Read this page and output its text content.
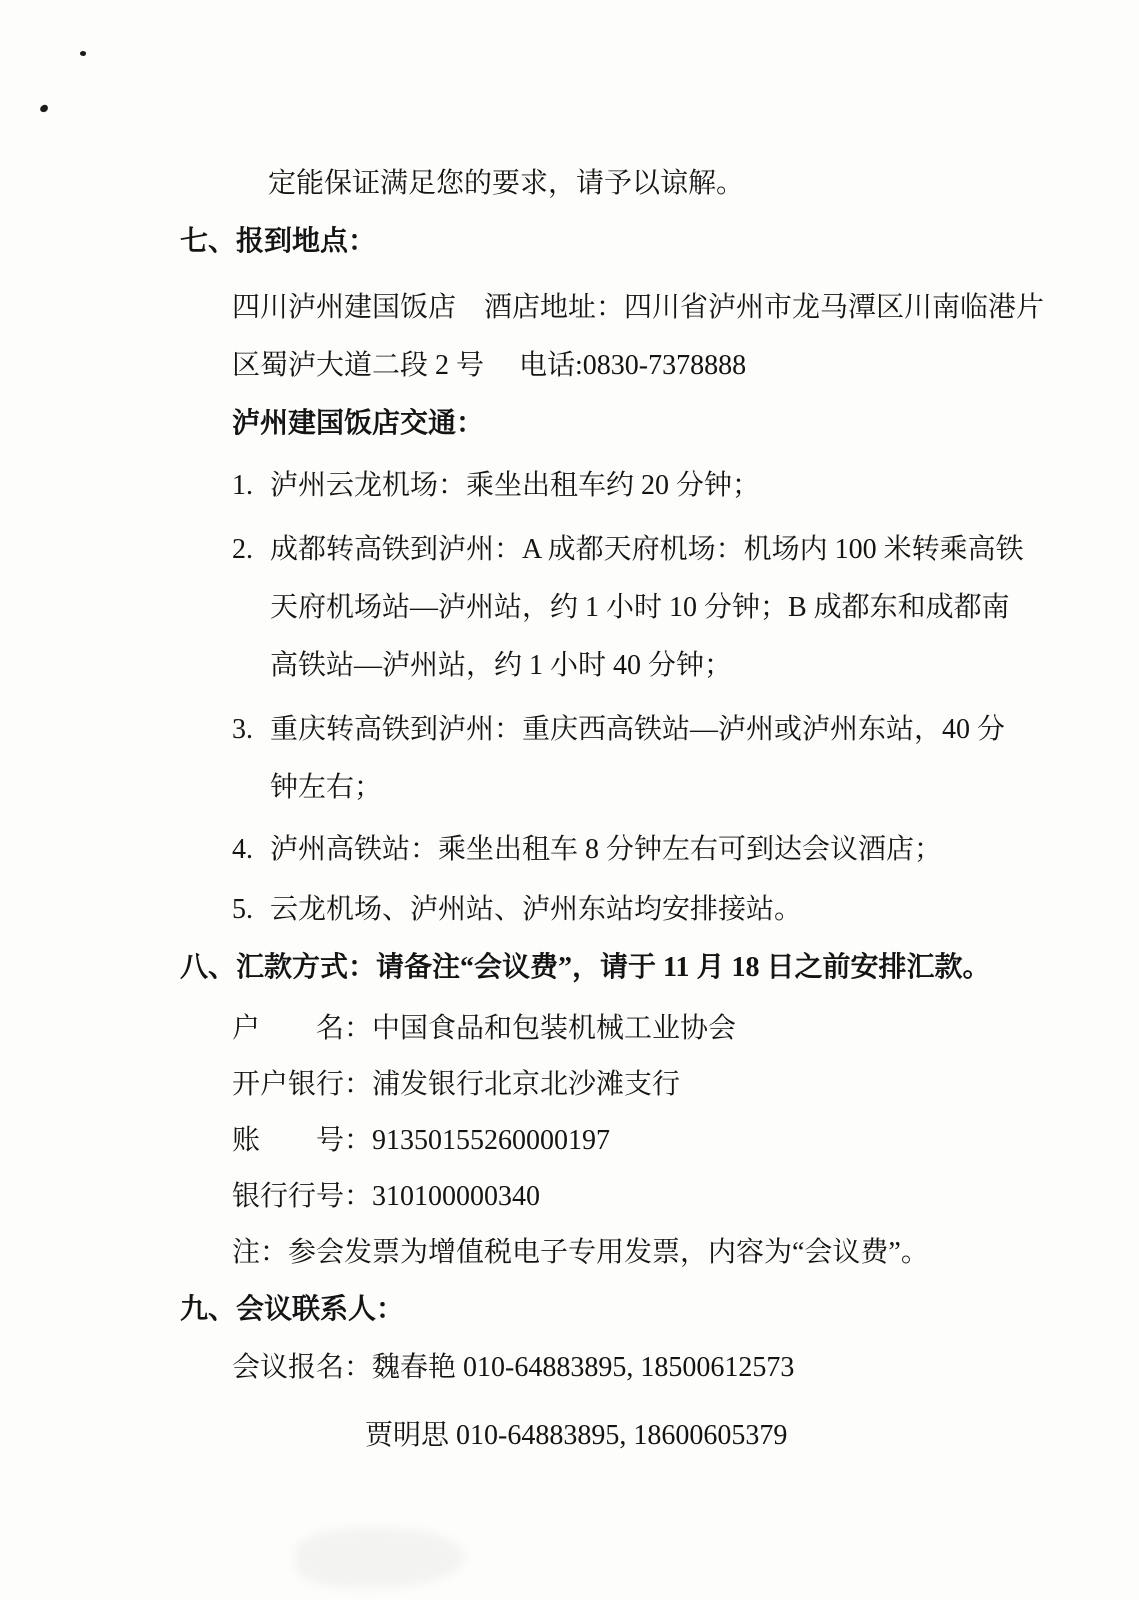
定能保证满足您的要求，请予以谅解。
七、报到地点：
四川泸州建国饭店　酒店地址：四川省泸州市龙马潭区川南临港片
区蜀泸大道二段 2 号　 电话:0830-7378888
泸州建国饭店交通：
1. 泸州云龙机场：乘坐出租车约 20 分钟；
2. 成都转高铁到泸州：A 成都天府机场：机场内 100 米转乘高铁
天府机场站—泸州站，约 1 小时 10 分钟；B 成都东和成都南
高铁站—泸州站，约 1 小时 40 分钟；
3. 重庆转高铁到泸州：重庆西高铁站—泸州或泸州东站，40 分
钟左右；
4. 泸州高铁站：乘坐出租车 8 分钟左右可到达会议酒店；
5. 云龙机场、泸州站、泸州东站均安排接站。
八、汇款方式：请备注“会议费”，请于 11 月 18 日之前安排汇款。
户　　名：中国食品和包装机械工业协会
开户银行：浦发银行北京北沙滩支行
账　　号：91350155260000197
银行行号：310100000340
注：参会发票为增值税电子专用发票，内容为“会议费”。
九、会议联系人：
会议报名：魏春艳 010-64883895, 18500612573
贾明思 010-64883895, 18600605379
